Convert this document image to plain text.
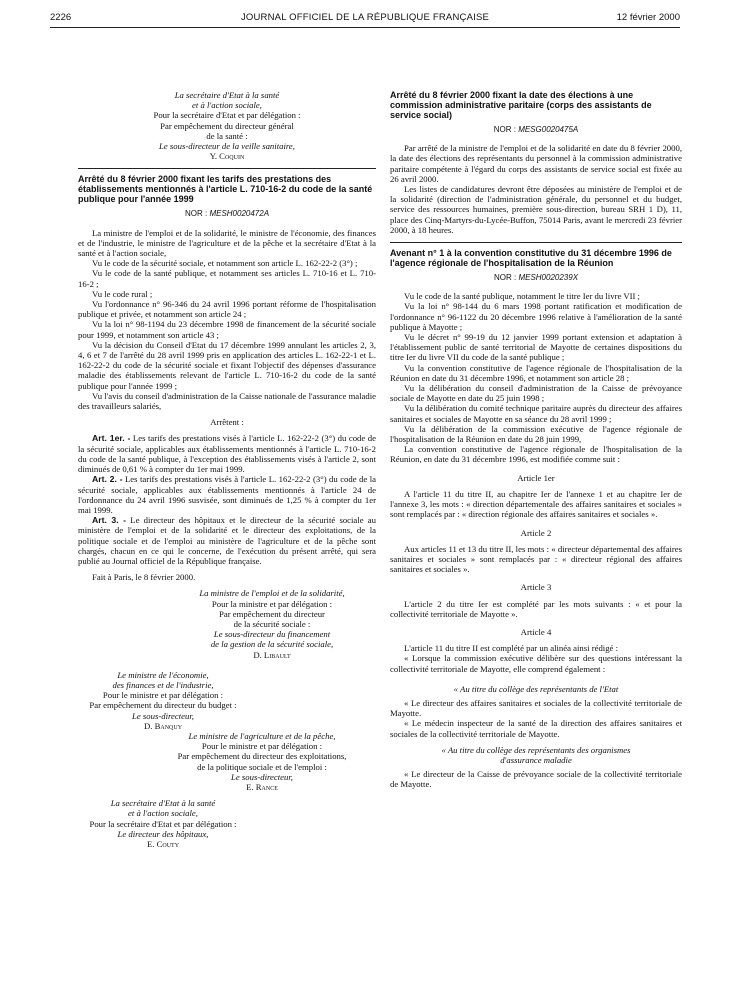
2226	JOURNAL OFFICIEL DE LA RÉPUBLIQUE FRANÇAISE	12 février 2000

La secrétaire d'Etat à la santé

et à l'action sociale,

Pour la secrétaire d'Etat et par délégation :

Par empêchement du directeur général

de la santé :

Le sous-directeur de la veille sanitaire,

Y. Coquin

Arrêté du 8 février 2000 fixant les tarifs des prestations des établissements mentionnés à l'article L. 710-16-2 du code de la santé publique pour l'année 1999

NOR : MESH0020472A

La ministre de l'emploi et de la solidarité, le ministre de l'économie, des finances et de l'industrie, le ministre de l'agriculture et de la pêche et la secrétaire d'Etat à la santé et à l'action sociale,

Vu le code de la sécurité sociale, et notamment son article L. 162-22-2 (3°) ;

Vu le code de la santé publique, et notamment ses articles L. 710-16 et L. 710-16-2 ;

Vu le code rural ;

Vu l'ordonnance n° 96-346 du 24 avril 1996 portant réforme de l'hospitalisation publique et privée, et notamment son article 24 ;

Vu la loi n° 98-1194 du 23 décembre 1998 de financement de la sécurité sociale pour 1999, et notamment son article 43 ;

Vu la décision du Conseil d'Etat du 17 décembre 1999 annulant les articles 2, 3, 4, 6 et 7 de l'arrêté du 28 avril 1999 pris en application des articles L. 162-22-1 et L. 162-22-2 du code de la sécurité sociale et fixant l'objectif des dépenses d'assurance maladie des établissements relevant de l'article L. 710-16-2 du code de la santé publique pour l'année 1999 ;

Vu l'avis du conseil d'administration de la Caisse nationale de l'assurance maladie des travailleurs salariés,

Arrêtent :

Art. 1er. - Les tarifs des prestations visés à l'article L. 162-22-2 (3°) du code de la sécurité sociale, applicables aux établissements mentionnés à l'article L. 710-16-2 du code de la santé publique, à l'exception des établissements visés à l'article 2, sont diminués de 0,61 % à compter du 1er mai 1999.

Art. 2. - Les tarifs des prestations visés à l'article L. 162-22-2 (3°) du code de la sécurité sociale, applicables aux établissements mentionnés à l'article 24 de l'ordonnance du 24 avril 1996 susvisée, sont diminués de 1,25 % à compter du 1er mai 1999.

Art. 3. - Le directeur des hôpitaux et le directeur de la sécurité sociale au ministère de l'emploi et de la solidarité et le directeur des exploitations, de la politique sociale et de l'emploi au ministère de l'agriculture et de la pêche sont chargés, chacun en ce qui le concerne, de l'exécution du présent arrêté, qui sera publié au Journal officiel de la République française.

Fait à Paris, le 8 février 2000.

La ministre de l'emploi et de la solidarité,

Pour la ministre et par délégation :

Par empêchement du directeur

de la sécurité sociale :

Le sous-directeur du financement

de la gestion de la sécurité sociale,

D. Libault

Le ministre de l'économie,

des finances et de l'industrie,

Pour le ministre et par délégation :

Par empêchement du directeur du budget :

Le sous-directeur,

D. Banquy

Le ministre de l'agriculture et de la pêche,

Pour le ministre et par délégation :

Par empêchement du directeur des exploitations,

de la politique sociale et de l'emploi :

Le sous-directeur,

E. Rance

La secrétaire d'Etat à la santé

et à l'action sociale,

Pour la secrétaire d'Etat et par délégation :

Le directeur des hôpitaux,

E. Couty

Arrêté du 8 février 2000 fixant la date des élections à une commission administrative paritaire (corps des assistants de service social)

NOR : MESG0020475A

Par arrêté de la ministre de l'emploi et de la solidarité en date du 8 février 2000, la date des élections des représentants du personnel à la commission administrative paritaire compétente à l'égard du corps des assistants de service social est fixée au 26 avril 2000.

Les listes de candidatures devront être déposées au ministère de l'emploi et de la solidarité (direction de l'administration générale, du personnel et du budget, service des ressources humaines, première sous-direction, bureau SRH 1 D), 11, place des Cinq-Martyrs-du-Lycée-Buffon, 75014 Paris, avant le mercredi 23 février 2000, à 18 heures.

Avenant n° 1 à la convention constitutive du 31 décembre 1996 de l'agence régionale de l'hospitalisation de la Réunion

NOR : MESH0020239X

Vu le code de la santé publique, notamment le titre Ier du livre VII ;

Vu la loi n° 98-144 du 6 mars 1998 portant ratification et modification de l'ordonnance n° 96-1122 du 20 décembre 1996 relative à l'amélioration de la santé publique à Mayotte ;

Vu le décret n° 99-19 du 12 janvier 1999 portant extension et adaptation à l'établissement public de santé territorial de Mayotte de certaines dispositions du titre Ier du livre VII du code de la santé publique ;

Vu la convention constitutive de l'agence régionale de l'hospitalisation de la Réunion en date du 31 décembre 1996, et notamment son article 28 ;

Vu la délibération du conseil d'administration de la Caisse de prévoyance sociale de Mayotte en date du 25 juin 1998 ;

Vu la délibération du comité technique paritaire auprès du directeur des affaires sanitaires et sociales de Mayotte en sa séance du 28 avril 1999 ;

Vu la délibération de la commission exécutive de l'agence régionale de l'hospitalisation de la Réunion en date du 28 juin 1999,

La convention constitutive de l'agence régionale de l'hospitalisation de la Réunion, en date du 31 décembre 1996, est modifiée comme suit :

Article 1er

A l'article 11 du titre II, au chapitre Ier de l'annexe 1 et au chapitre Ier de l'annexe 3, les mots : « direction départementale des affaires sanitaires et sociales » sont remplacés par : « direction régionale des affaires sanitaires et sociales ».

Article 2

Aux articles 11 et 13 du titre II, les mots : « directeur départemental des affaires sanitaires et sociales » sont remplacés par : « directeur régional des affaires sanitaires et sociales ».

Article 3

L'article 2 du titre Ier est complété par les mots suivants : « et pour la collectivité territoriale de Mayotte ».

Article 4

L'article 11 du titre II est complété par un alinéa ainsi rédigé :

« Lorsque la commission exécutive délibère sur des questions intéressant la collectivité territoriale de Mayotte, elle comprend également :

« Au titre du collège des représentants de l'Etat

« Le directeur des affaires sanitaires et sociales de la collectivité territoriale de Mayotte.

« Le médecin inspecteur de la santé de la direction des affaires sanitaires et sociales de la collectivité territoriale de Mayotte.

« Au titre du collège des représentants des organismes

d'assurance maladie

« Le directeur de la Caisse de prévoyance sociale de la collectivité territoriale de Mayotte.
